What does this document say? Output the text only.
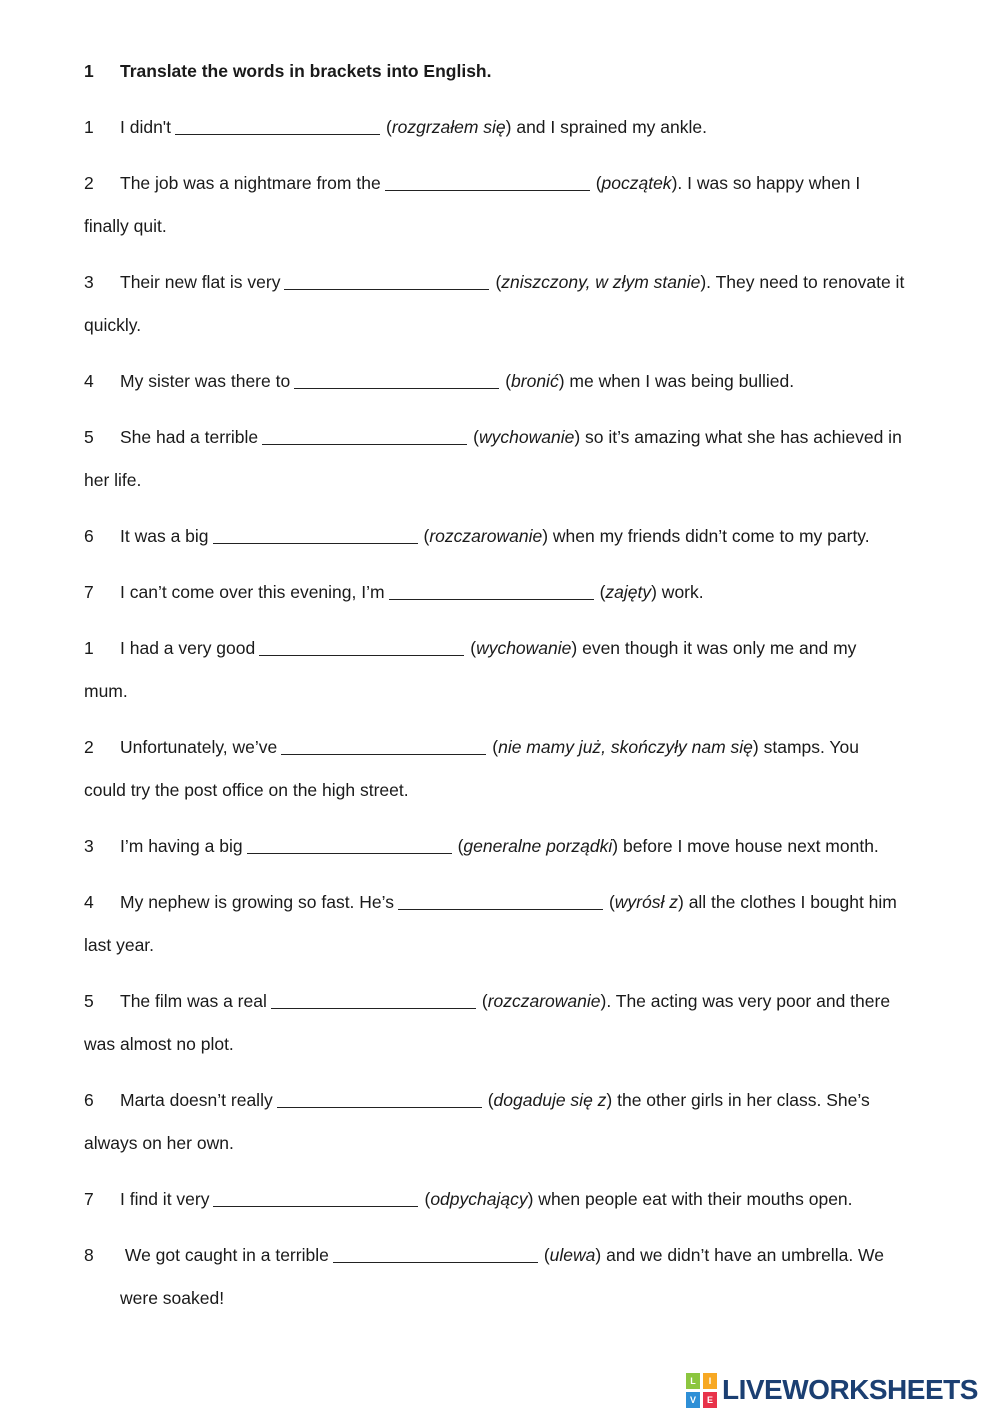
1 Translate the words in brackets into English.
1 I didn't	(rozgrzałem się) and I sprained my ankle.
2 The job was a nightmare from the	(początek). I was so happy when I
finally quit.
3 Their new flat is very	(zniszczony, w złym stanie). They need to renovate it
quickly.
4 My sister was there to	(bronić) me when I was being bullied.
5 She had a terrible	(wychowanie) so it’s amazing what she has achieved in
her life.
6 It was a big	(rozczarowanie) when my friends didn’t come to my party.
7 I can’t come over this evening, I’m	(zajęty) work.
1 I had a very good	(wychowanie) even though it was only me and my
mum.
2 Unfortunately, we’ve	(nie mamy już, skończyły nam się) stamps. You
could try the post office on the high street.
3 I’m having a big	(generalne porządki) before I move house next month.
4 My nephew is growing so fast. He’s	(wyrósł z) all the clothes I bought him
last year.
5 The film was a real	(rozczarowanie). The acting was very poor and there
was almost no plot.
6 Marta doesn’t really	(dogaduje się z) the other girls in her class. She’s
always on her own.
7 I find it very	(odpychający) when people eat with their mouths open.
8 We got caught in a terrible	(ulewa) and we didn’t have an umbrella. We
were soaked!
L	I
V	E LIVEWORKSHEETS
